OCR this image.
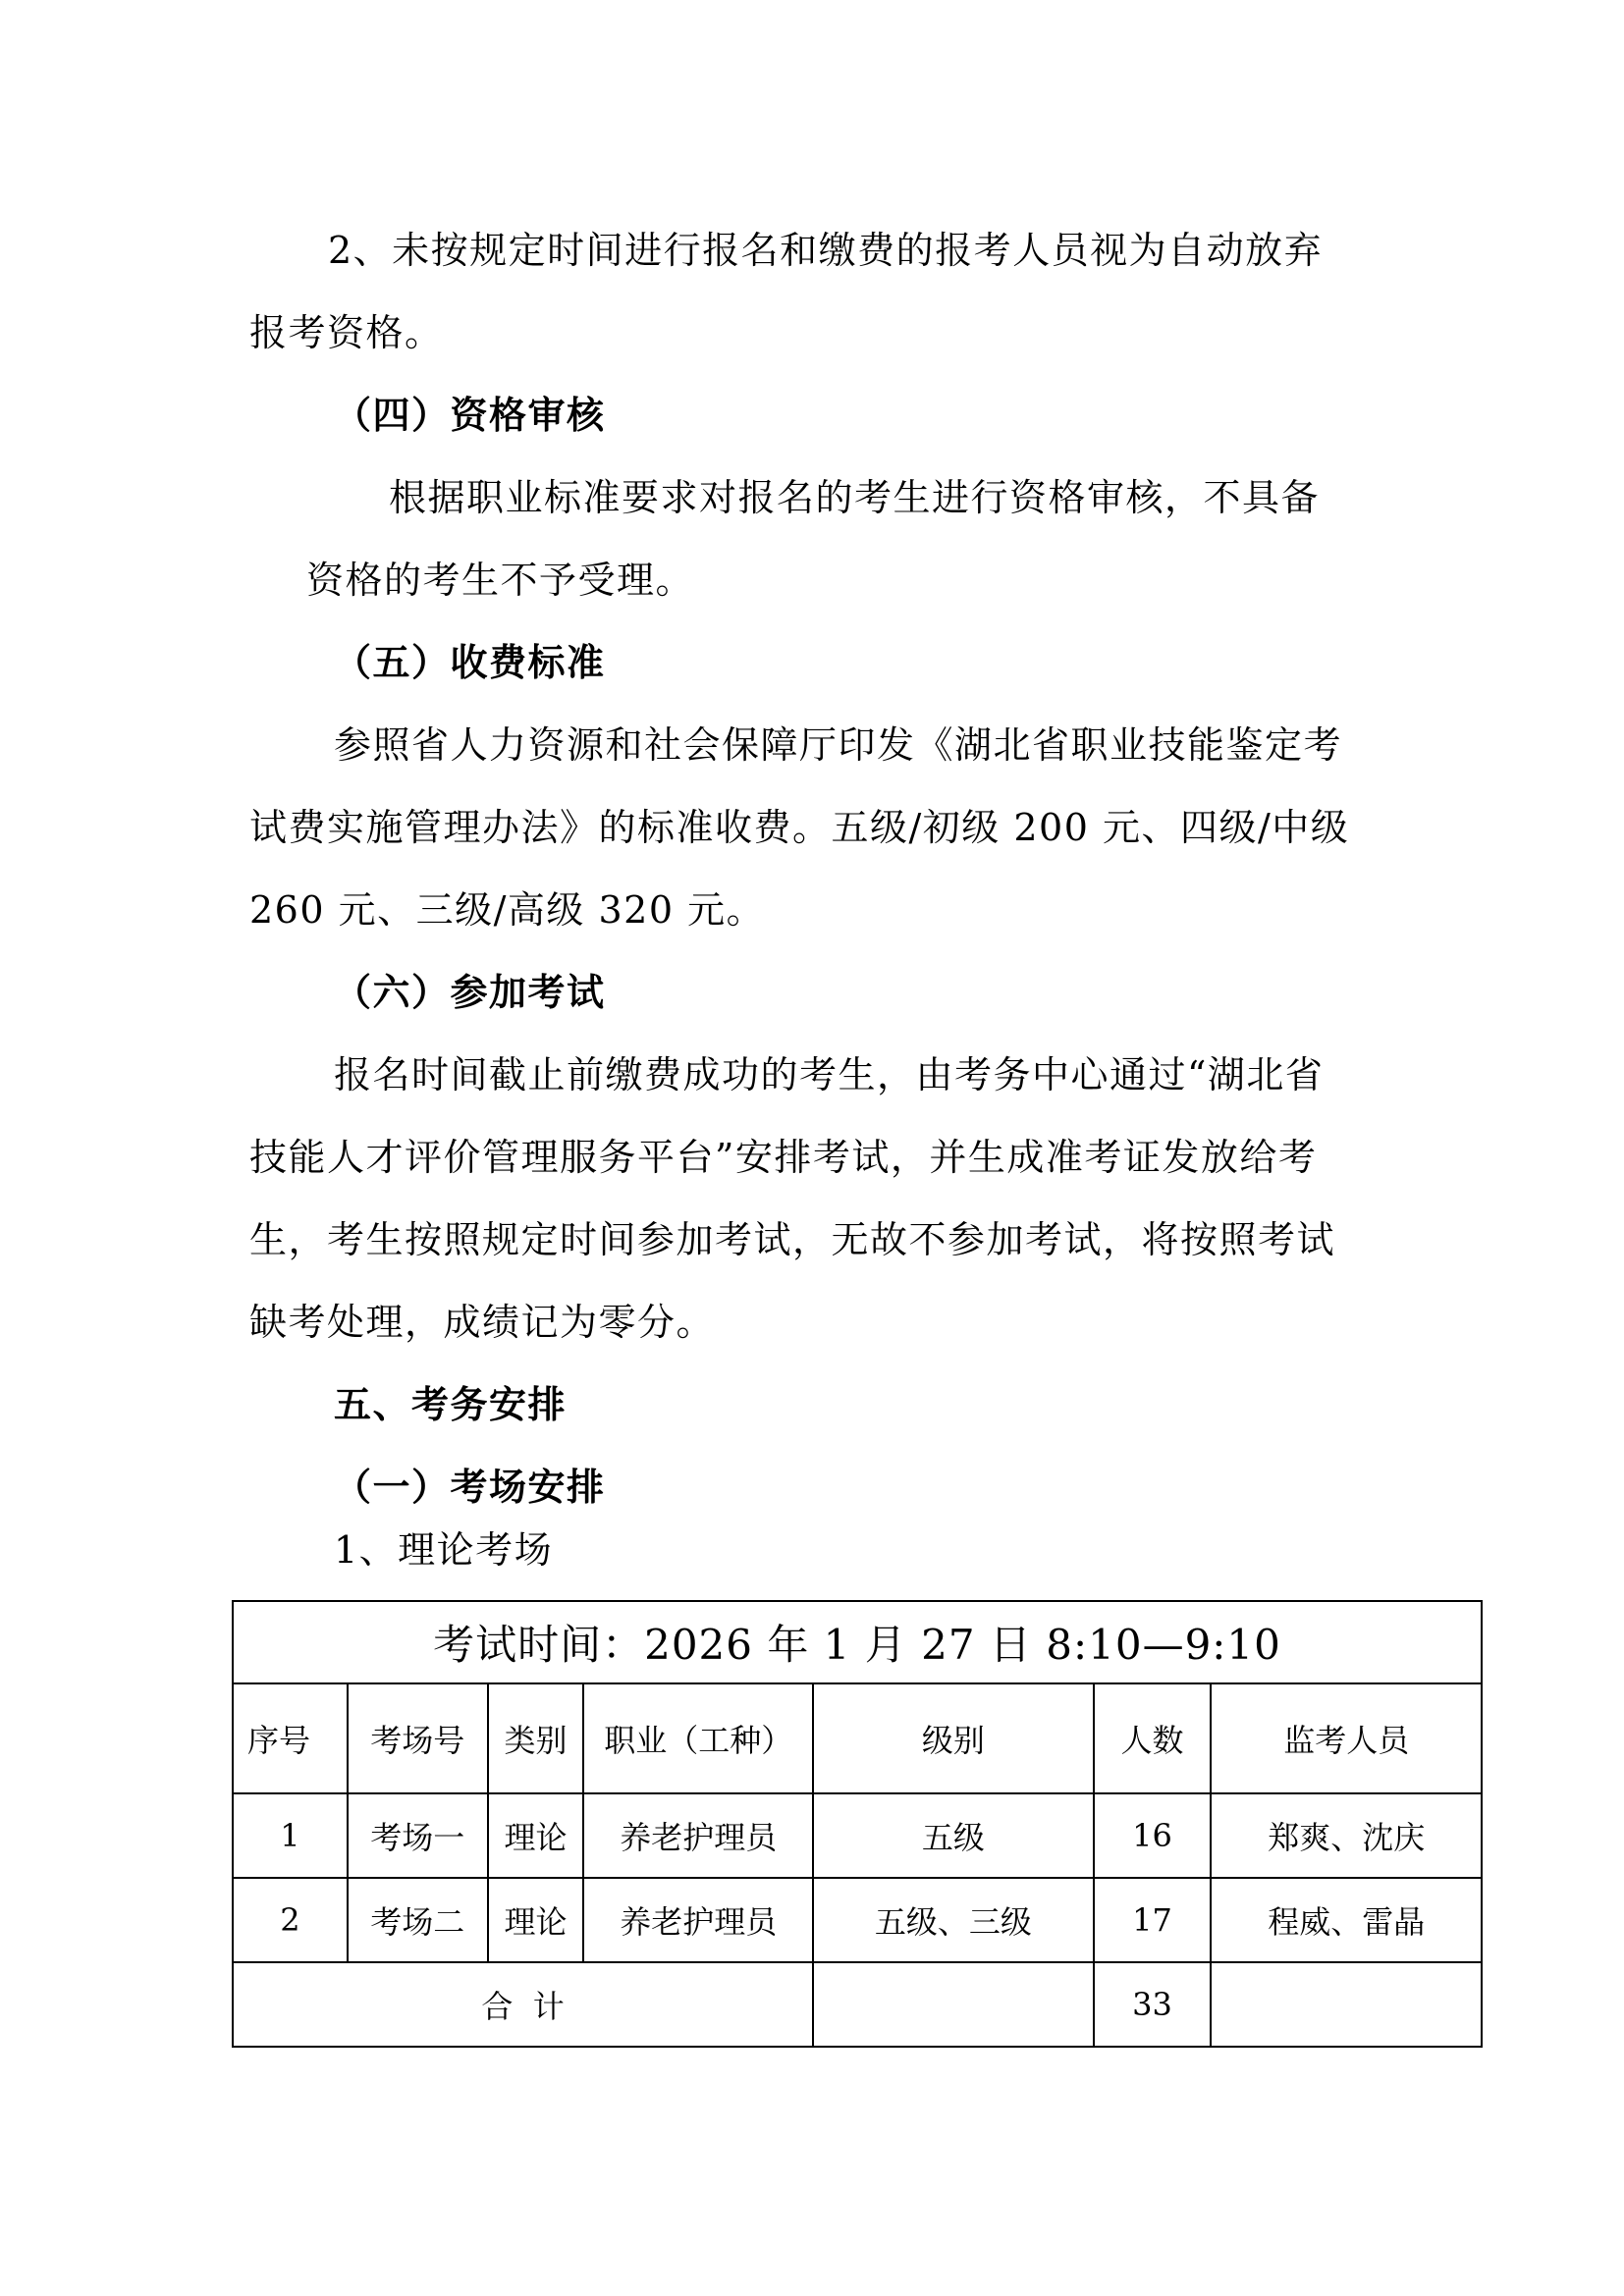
2、未按规定时间进行报名和缴费的报考人员视为自动放弃
报考资格。
（四）资格审核
根据职业标准要求对报名的考生进行资格审核，不具备
资格的考生不予受理。
（五）收费标准
参照省人力资源和社会保障厅印发《湖北省职业技能鉴定考
试费实施管理办法》的标准收费。五级/初级 200 元、四级/中级
260 元、三级/高级 320 元。
（六）参加考试
报名时间截止前缴费成功的考生，由考务中心通过“湖北省
技能人才评价管理服务平台”安排考试，并生成准考证发放给考
生，考生按照规定时间参加考试，无故不参加考试，将按照考试
缺考处理，成绩记为零分。
五、考务安排
（一）考场安排
1、理论考场
考试时间：2026 年 1 月 27 日 8:10—9:10						
序号	考场号	类别	职业（工种）	级别	人数	监考人员
1	考场一	理论	养老护理员	五级	16	郑爽、沈庆
2	考场二	理论	养老护理员	五级、三级	17	程威、雷晶
合  计					33	
